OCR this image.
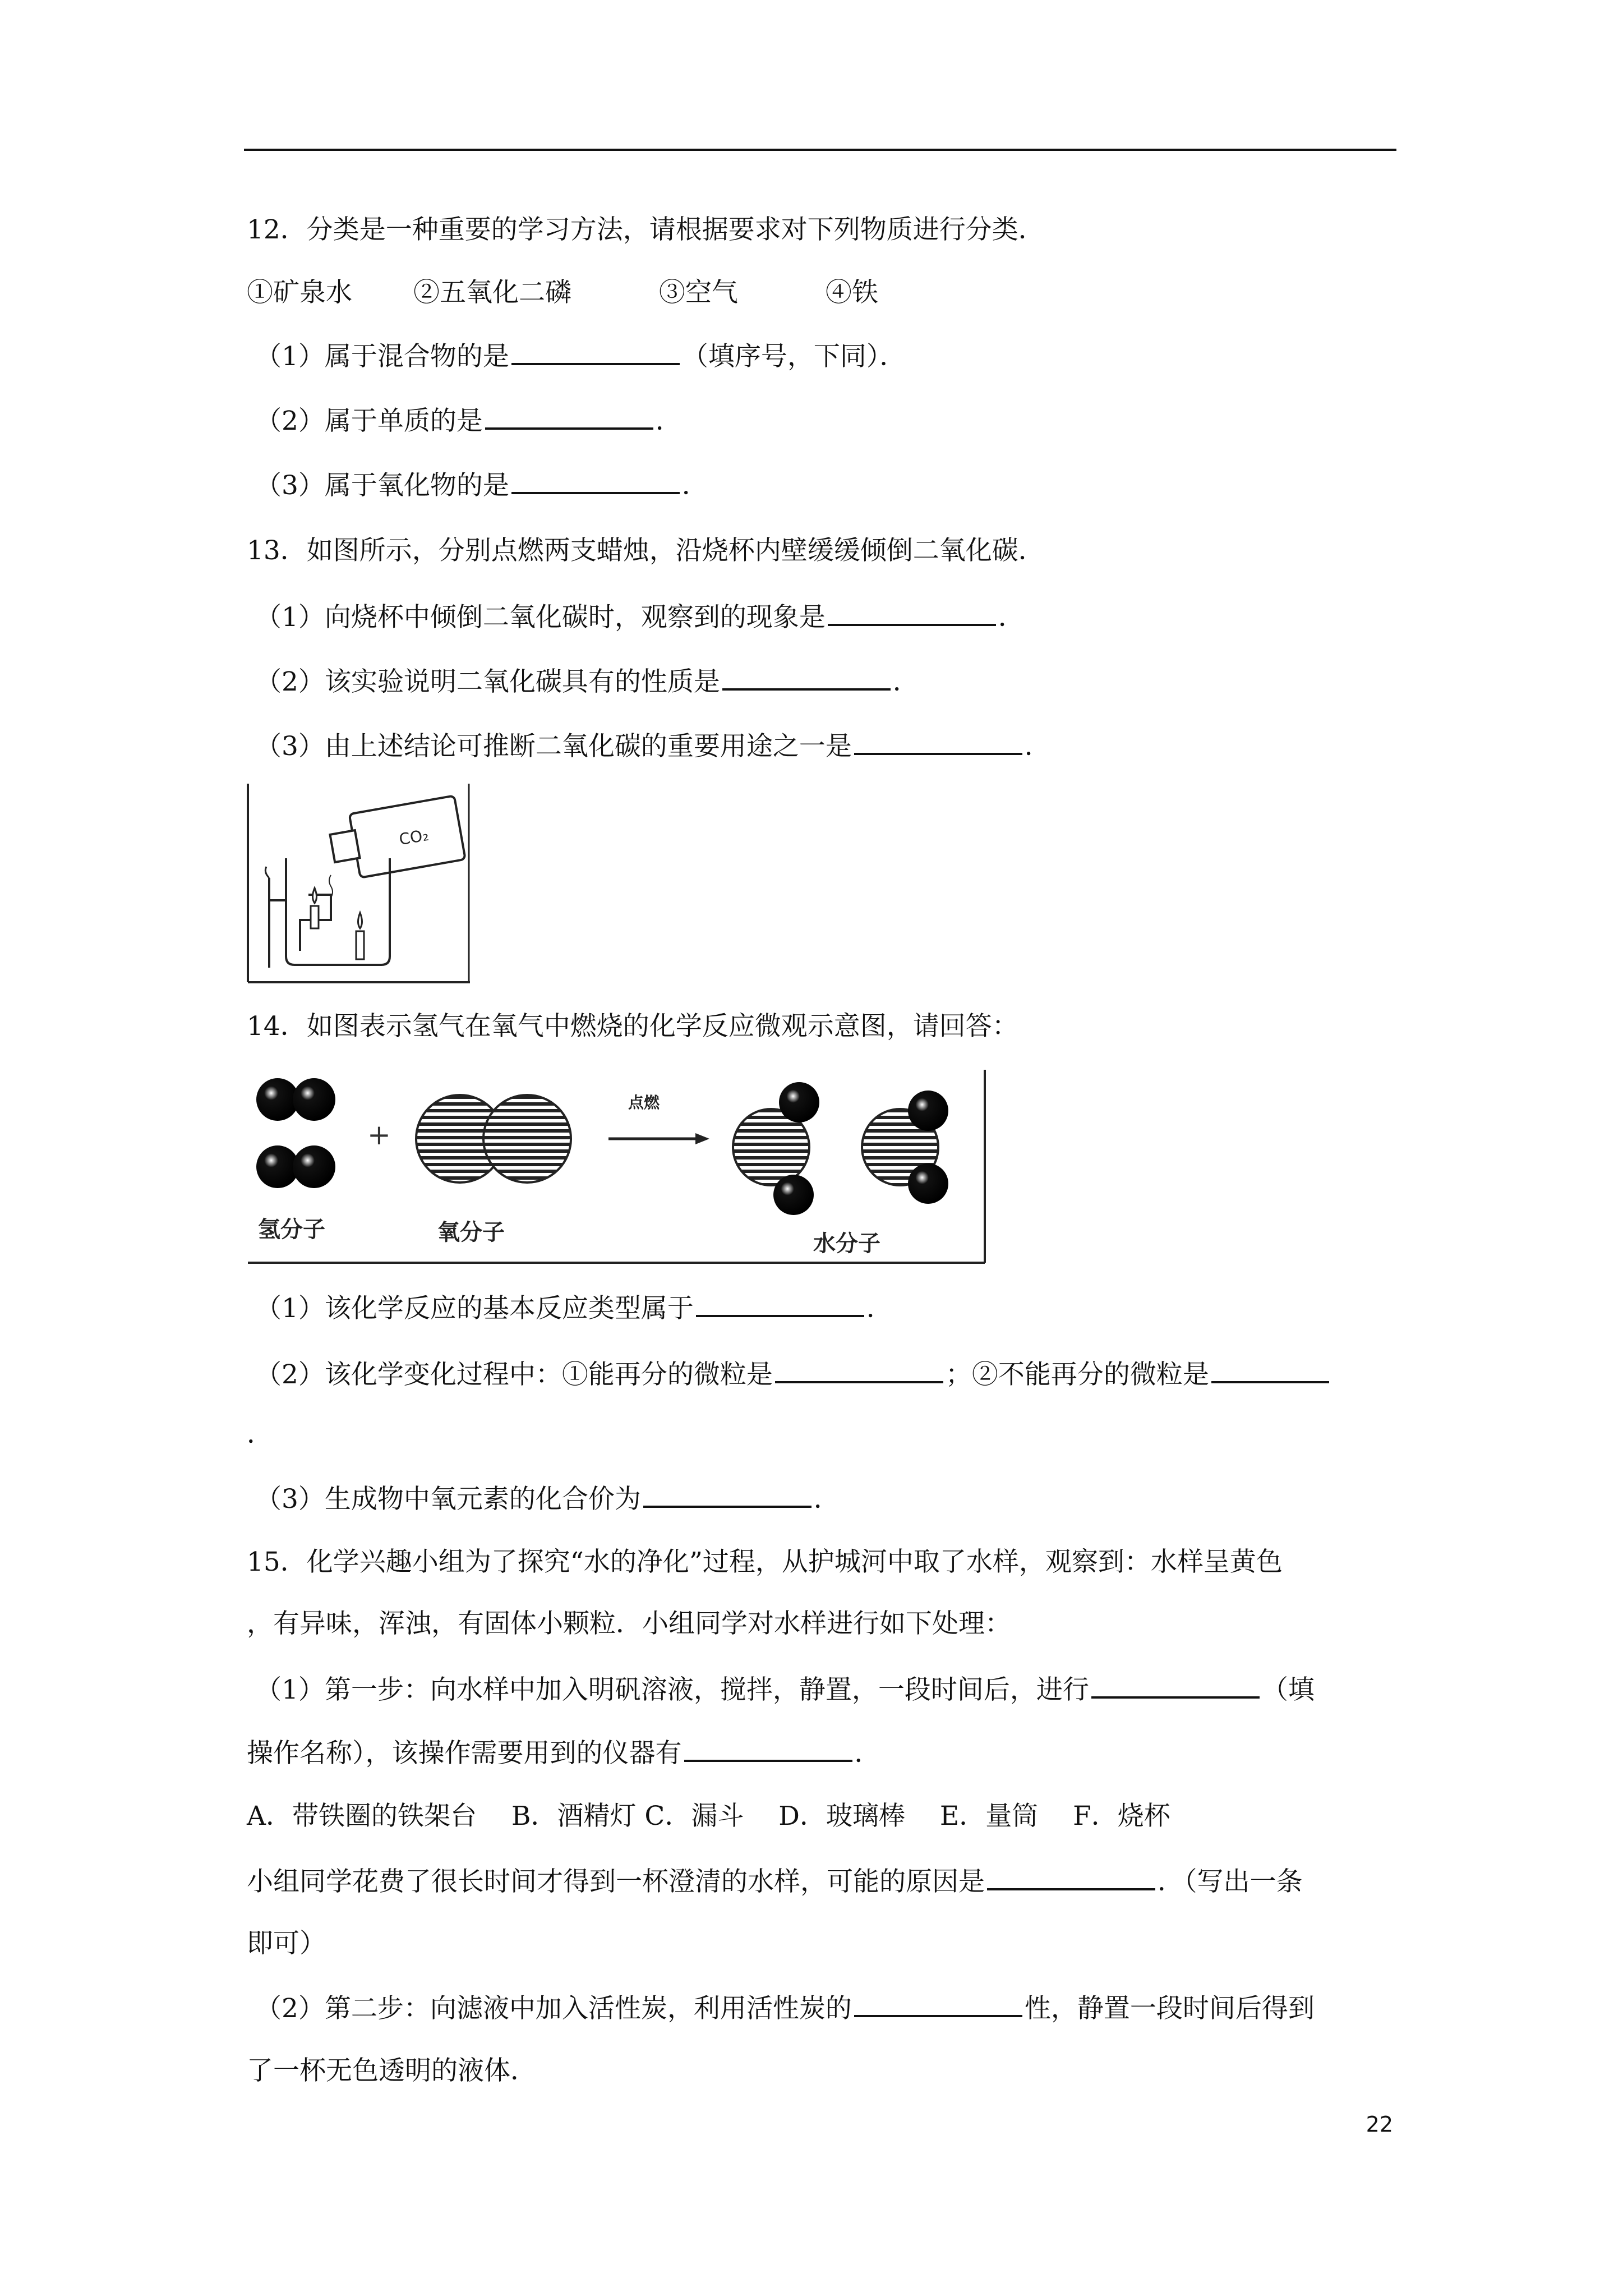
12．分类是一种重要的学习方法，请根据要求对下列物质进行分类．
①矿泉水　　 ②五氧化二磷　　　	③空气　　　	④铁
（1）属于混合物的是	（填序号，下同）．
（2）属于单质的是	．
（3）属于氧化物的是	．
13．如图所示，分别点燃两支蜡烛，沿烧杯内壁缓缓倾倒二氧化碳．
（1）向烧杯中倾倒二氧化碳时，观察到的现象是	．
（2）该实验说明二氧化碳具有的性质是	．
（3）由上述结论可推断二氧化碳的重要用途之一是	．
CO₂
14．如图表示氢气在氧气中燃烧的化学反应微观示意图，请回答：
氢分子
+
氧分子
点燃
水分子
（1）该化学反应的基本反应类型属于	．
（2）该化学变化过程中：①能再分的微粒是	；②不能再分的微粒是
．
（3）生成物中氧元素的化合价为	．
15．化学兴趣小组为了探究“水的净化”过程，从护城河中取了水样，观察到：水样呈黄色
，有异味，浑浊，有固体小颗粒．小组同学对水样进行如下处理：
（1）第一步：向水样中加入明矾溶液，搅拌，静置，一段时间后，进行	（填
操作名称），该操作需要用到的仪器有	．
A．带铁圈的铁架台　 B．酒精灯 C．漏斗　 D．玻璃棒　 E．量筒　 F．烧杯
小组同学花费了很长时间才得到一杯澄清的水样，可能的原因是	．（写出一条
即可）
（2）第二步：向滤液中加入活性炭，利用活性炭的	性，静置一段时间后得到
了一杯无色透明的液体．
22
